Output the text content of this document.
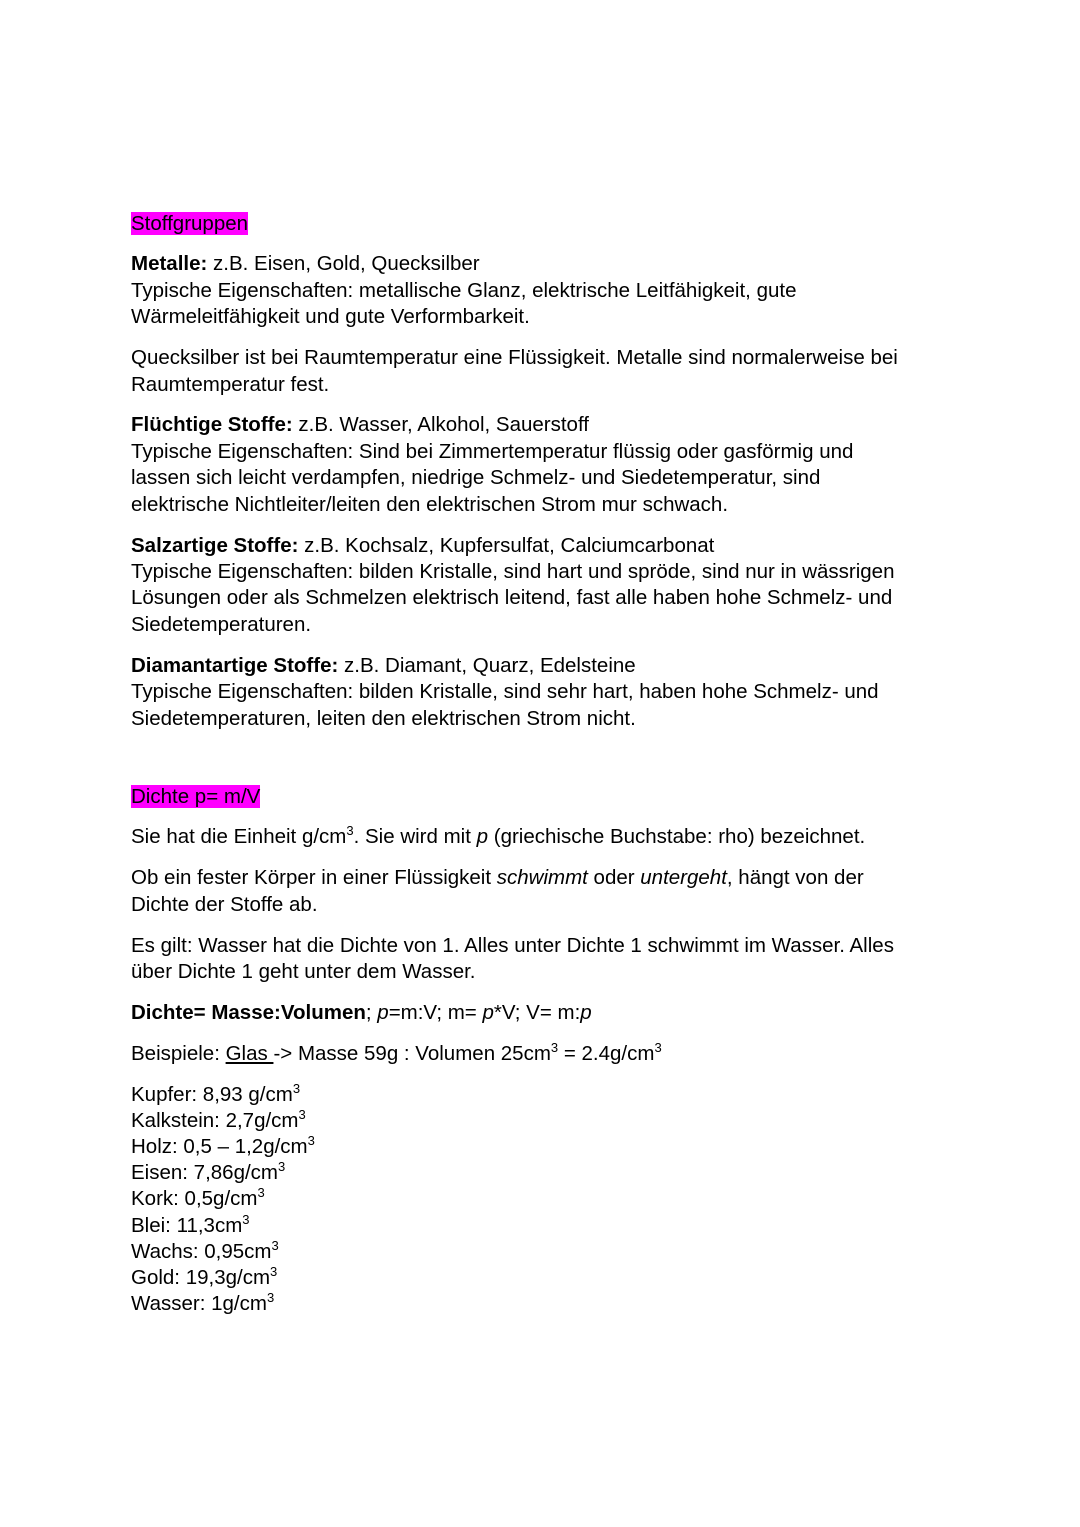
Stoffgruppen

Metalle: z.B. Eisen, Gold, Quecksilber
Typische Eigenschaften: metallische Glanz, elektrische Leitfähigkeit, gute
Wärmeleitfähigkeit und gute Verformbarkeit.

Quecksilber ist bei Raumtemperatur eine Flüssigkeit. Metalle sind normalerweise bei
Raumtemperatur fest.

Flüchtige Stoffe: z.B. Wasser, Alkohol, Sauerstoff
Typische Eigenschaften: Sind bei Zimmertemperatur flüssig oder gasförmig und
lassen sich leicht verdampfen, niedrige Schmelz- und Siedetemperatur, sind
elektrische Nichtleiter/leiten den elektrischen Strom mur schwach.

Salzartige Stoffe: z.B. Kochsalz, Kupfersulfat, Calciumcarbonat
Typische Eigenschaften: bilden Kristalle, sind hart und spröde, sind nur in wässrigen
Lösungen oder als Schmelzen elektrisch leitend, fast alle haben hohe Schmelz- und
Siedetemperaturen.

Diamantartige Stoffe: z.B. Diamant, Quarz, Edelsteine
Typische Eigenschaften: bilden Kristalle, sind sehr hart, haben hohe Schmelz- und
Siedetemperaturen, leiten den elektrischen Strom nicht.

Dichte p= m/V

Sie hat die Einheit $g/cm^3$. Sie wird mit p (griechische Buchstabe: rho) bezeichnet.

Ob ein fester Körper in einer Flüssigkeit schwimmt oder untergeht, hängt von der
Dichte der Stoffe ab.

Es gilt: Wasser hat die Dichte von 1. Alles unter Dichte 1 schwimmt im Wasser. Alles
über Dichte 1 geht unter dem Wasser.

Dichte= Masse:Volumen; p=m:V; m= p*V; V= m:p

Beispiele: Glas -> Masse 59g : Volumen $25cm^3 = 2.4g/cm^3$

Kupfer: 8,93 $g/cm^3$
Kalkstein: $2,7g/cm^3$
Holz: $0,5 - 1,2g/cm^3$
Eisen: $7,86g/cm^3$
Kork: $0,5g/cm^3$
Blei: $11,3cm^3$
Wachs: $0,95cm^3$
Gold: $19,3g/cm^3$
Wasser: $1g/cm^3$
